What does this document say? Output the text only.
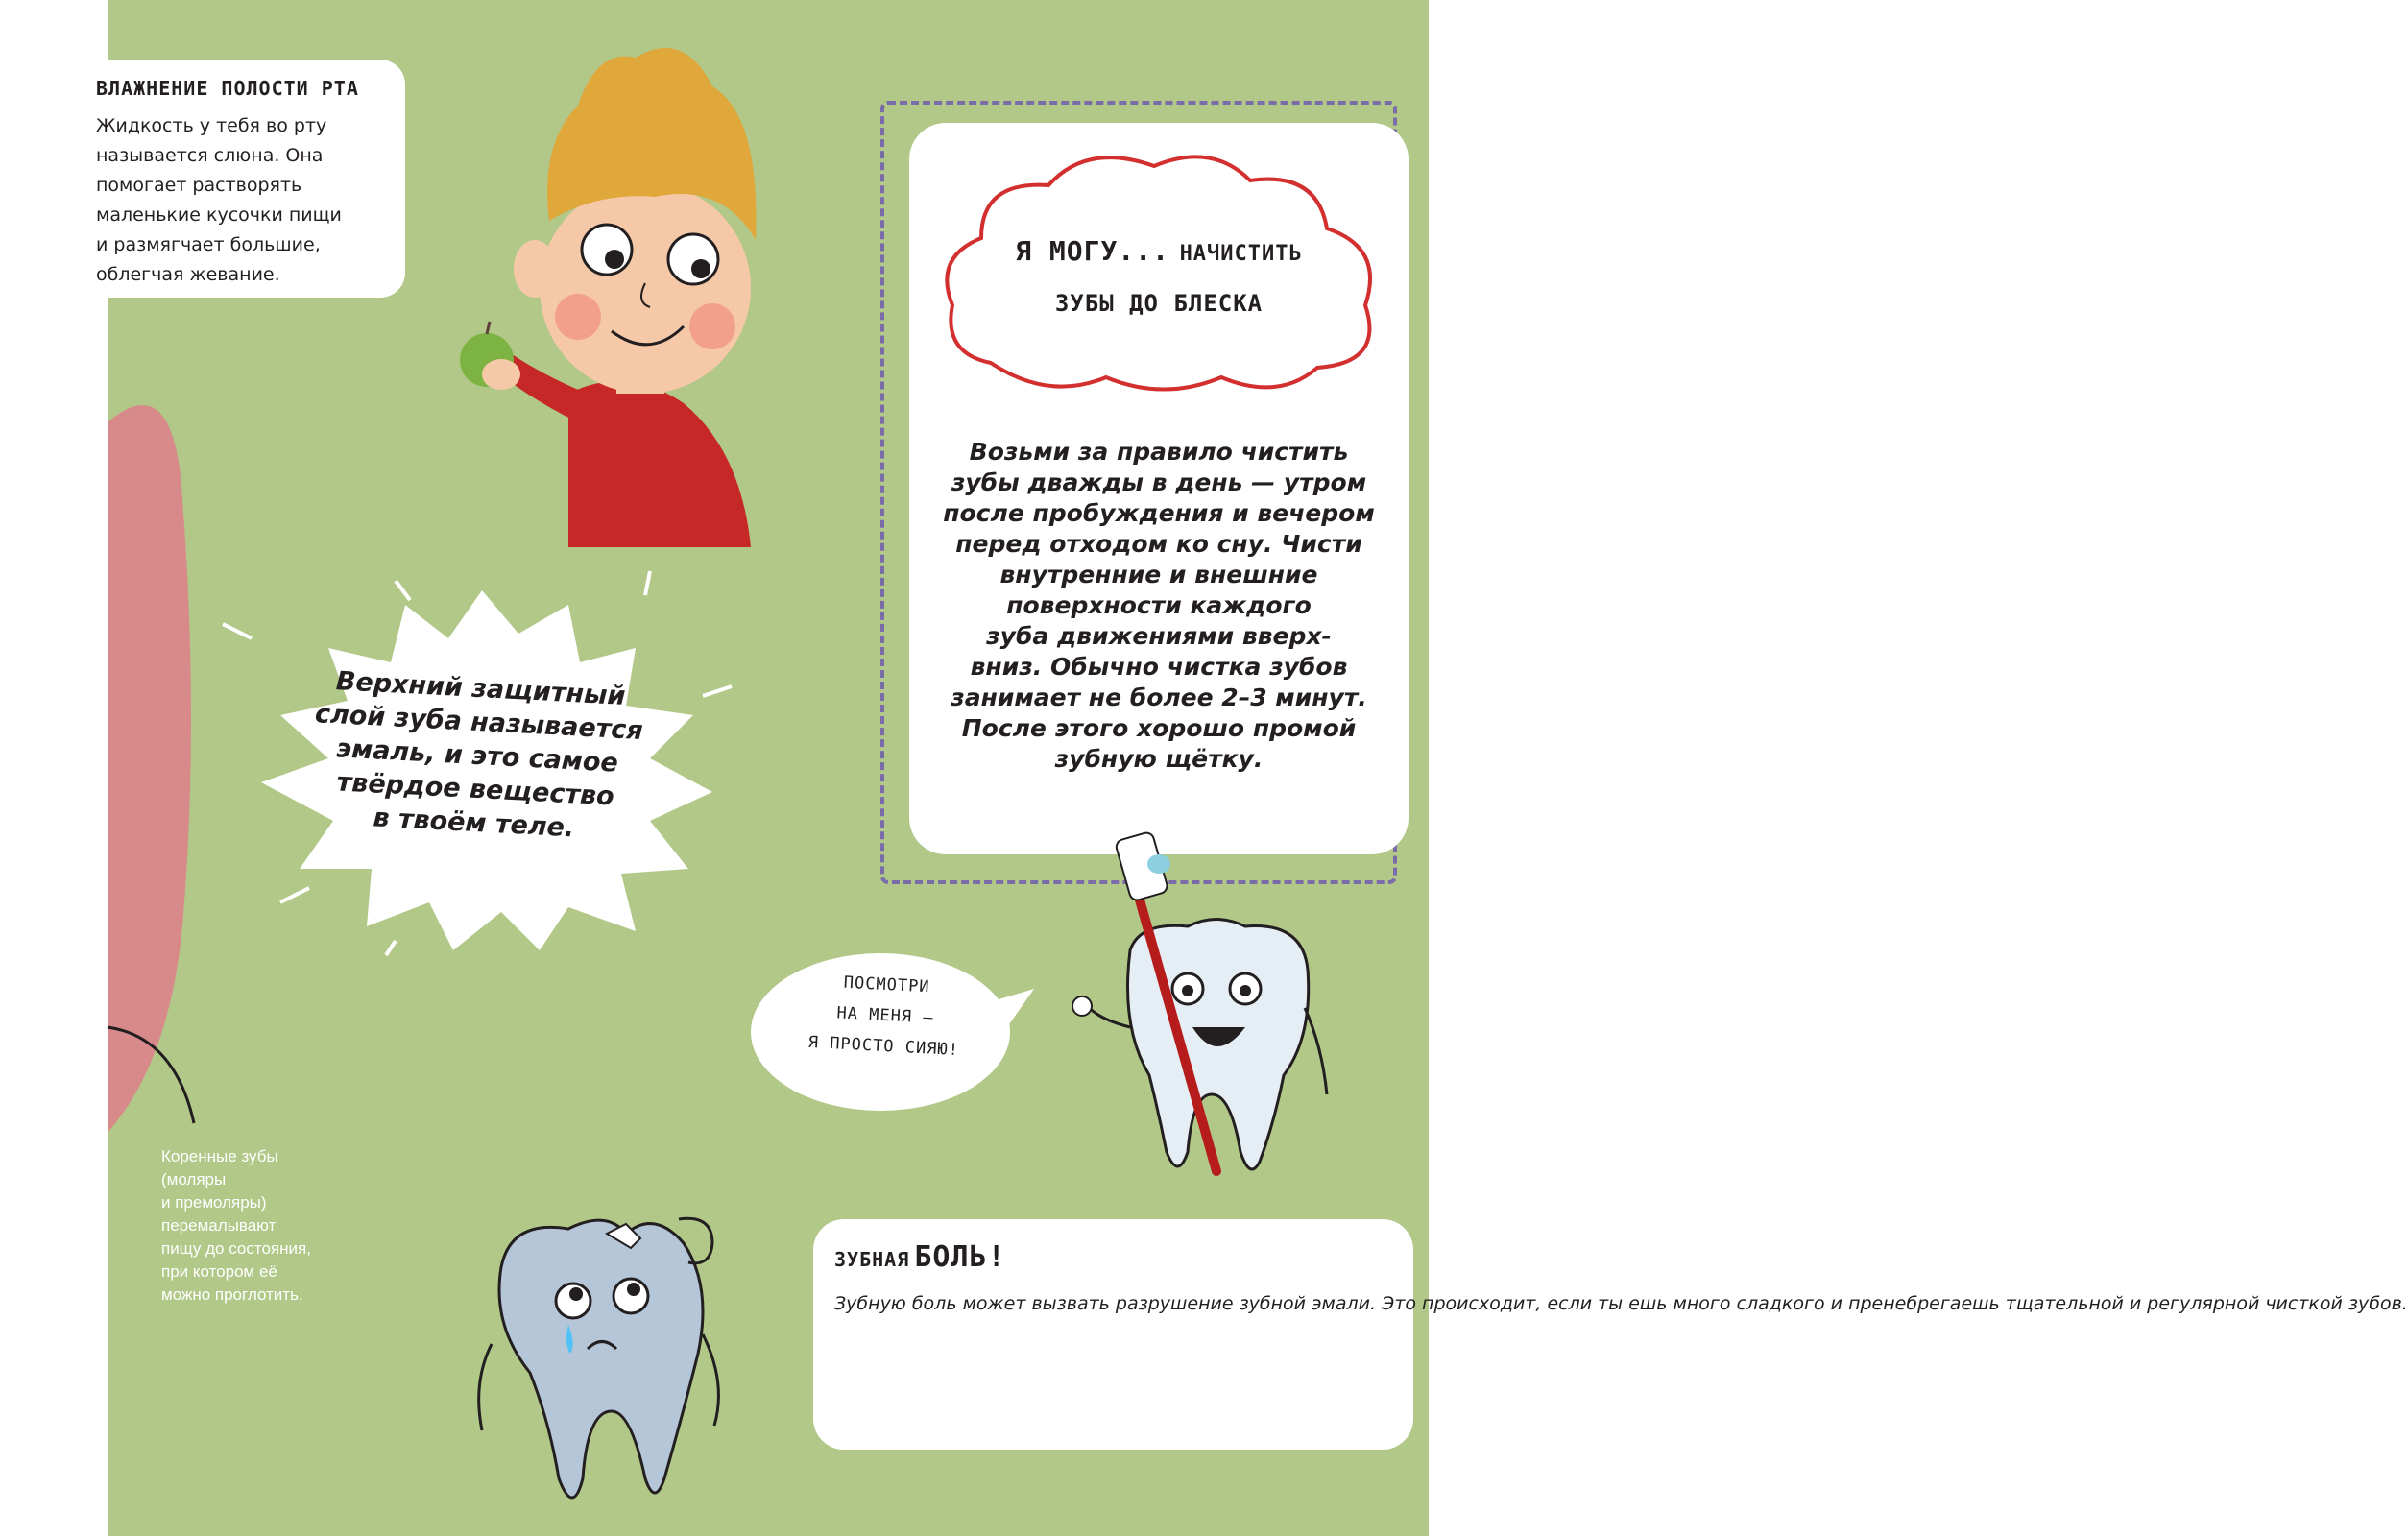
ВЛАЖНЕНИЕ ПОЛОСТИ РТА
Жидкость у тебя во рту
называется слюна. Она
помогает растворять
маленькие кусочки пищи
и размягчает большие,
облегчая жевание.
Я МОГУ... НАЧИСТИТЬ
ЗУБЫ ДО БЛЕСКА
Возьми за правило чистить
зубы дважды в день — утром
после пробуждения и вечером
перед отходом ко сну. Чисти
внутренние и внешние
поверхности каждого
зуба движениями вверх-
вниз. Обычно чистка зубов
занимает не более 2–3 минут.
После этого хорошо промой
зубную щётку.
Верхний защитный
слой зуба называется
эмаль, и это самое
твёрдое вещество
в твоём теле.
ПОСМОТРИ
НА МЕНЯ –
Я ПРОСТО СИЯЮ!
Коренные зубы
(моляры
и премоляры)
перемалывают
пищу до состояния,
при котором её
можно проглотить.
ЗУБНАЯ БОЛЬ!
Зубную боль может вызвать разрушение зубной эмали. Это происходит, если ты ешь много сладкого и пренебрегаешь тщательной и регулярной чисткой зубов.
